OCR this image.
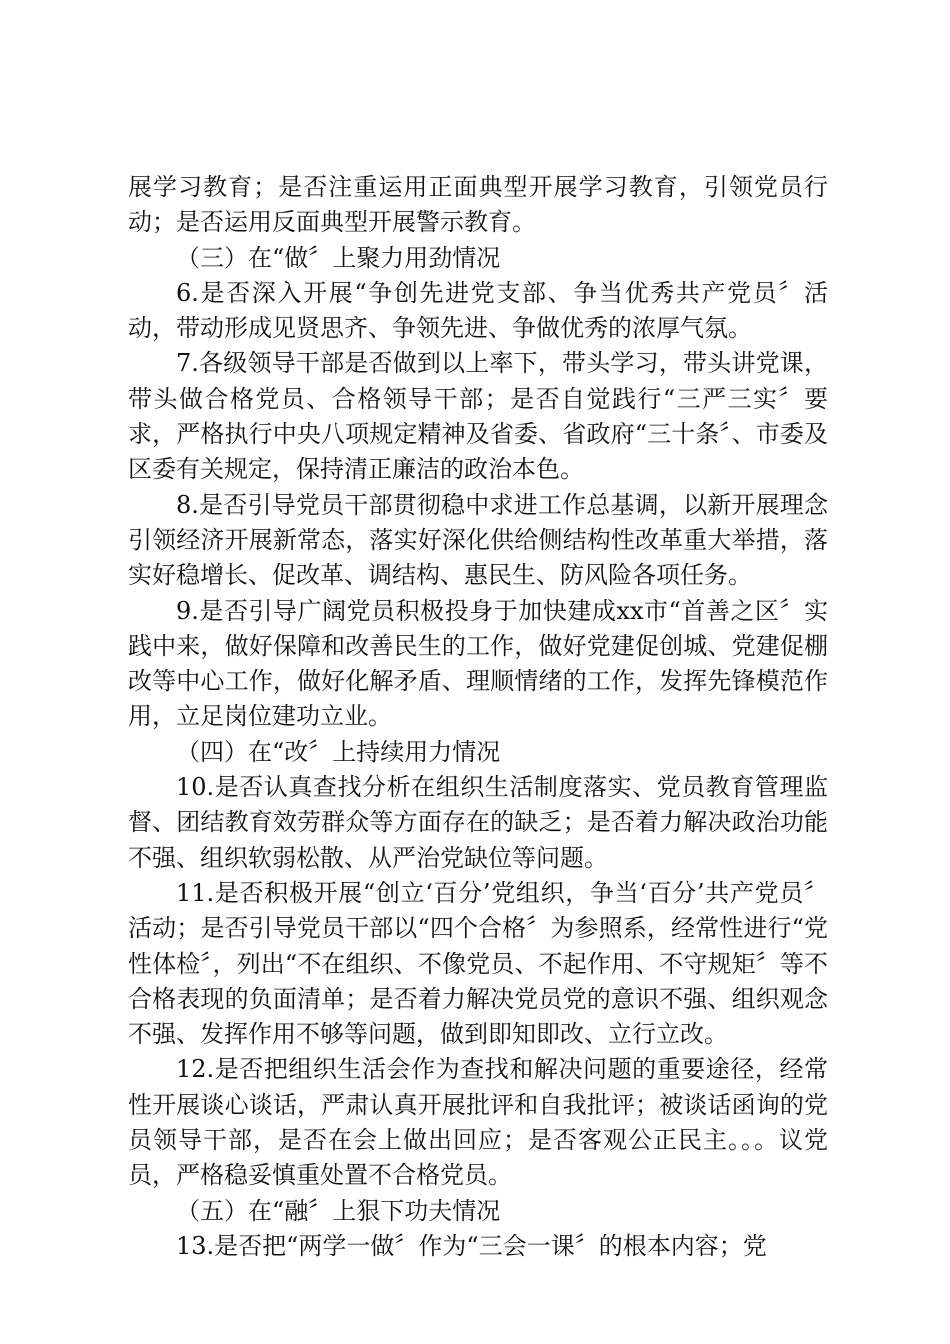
展学习教育；是否注重运用正面典型开展学习教育，引领党员行动；是否运用反面典型开展警示教育。

（三）在“做〞上聚力用劲情况

6.是否深入开展“争创先进党支部、争当优秀共产党员〞活动，带动形成见贤思齐、争领先进、争做优秀的浓厚气氛。

7.各级领导干部是否做到以上率下，带头学习，带头讲党课，带头做合格党员、合格领导干部；是否自觉践行“三严三实〞要求，严格执行中央八项规定精神及省委、省政府“三十条〞、市委及区委有关规定，保持清正廉洁的政治本色。

8.是否引导党员干部贯彻稳中求进工作总基调，以新开展理念引领经济开展新常态，落实好深化供给侧结构性改革重大举措，落实好稳增长、促改革、调结构、惠民生、防风险各项任务。

9.是否引导广阔党员积极投身于加快建成xx市“首善之区〞实践中来，做好保障和改善民生的工作，做好党建促创城、党建促棚改等中心工作，做好化解矛盾、理顺情绪的工作，发挥先锋模范作用，立足岗位建功立业。

（四）在“改〞上持续用力情况

10.是否认真查找分析在组织生活制度落实、党员教育管理监督、团结教育效劳群众等方面存在的缺乏；是否着力解决政治功能不强、组织软弱松散、从严治党缺位等问题。

11.是否积极开展“创立‘百分’党组织，争当‘百分’共产党员〞活动；是否引导党员干部以“四个合格〞为参照系，经常性进行“党性体检〞，列出“不在组织、不像党员、不起作用、不守规矩〞等不合格表现的负面清单；是否着力解决党员党的意识不强、组织观念不强、发挥作用不够等问题，做到即知即改、立行立改。

12.是否把组织生活会作为查找和解决问题的重要途径，经常性开展谈心谈话，严肃认真开展批评和自我批评；被谈话函询的党员领导干部，是否在会上做出回应；是否客观公正民主。。。议党员，严格稳妥慎重处置不合格党员。

（五）在“融〞上狠下功夫情况

13.是否把“两学一做〞作为“三会一课〞的根本内容；党
